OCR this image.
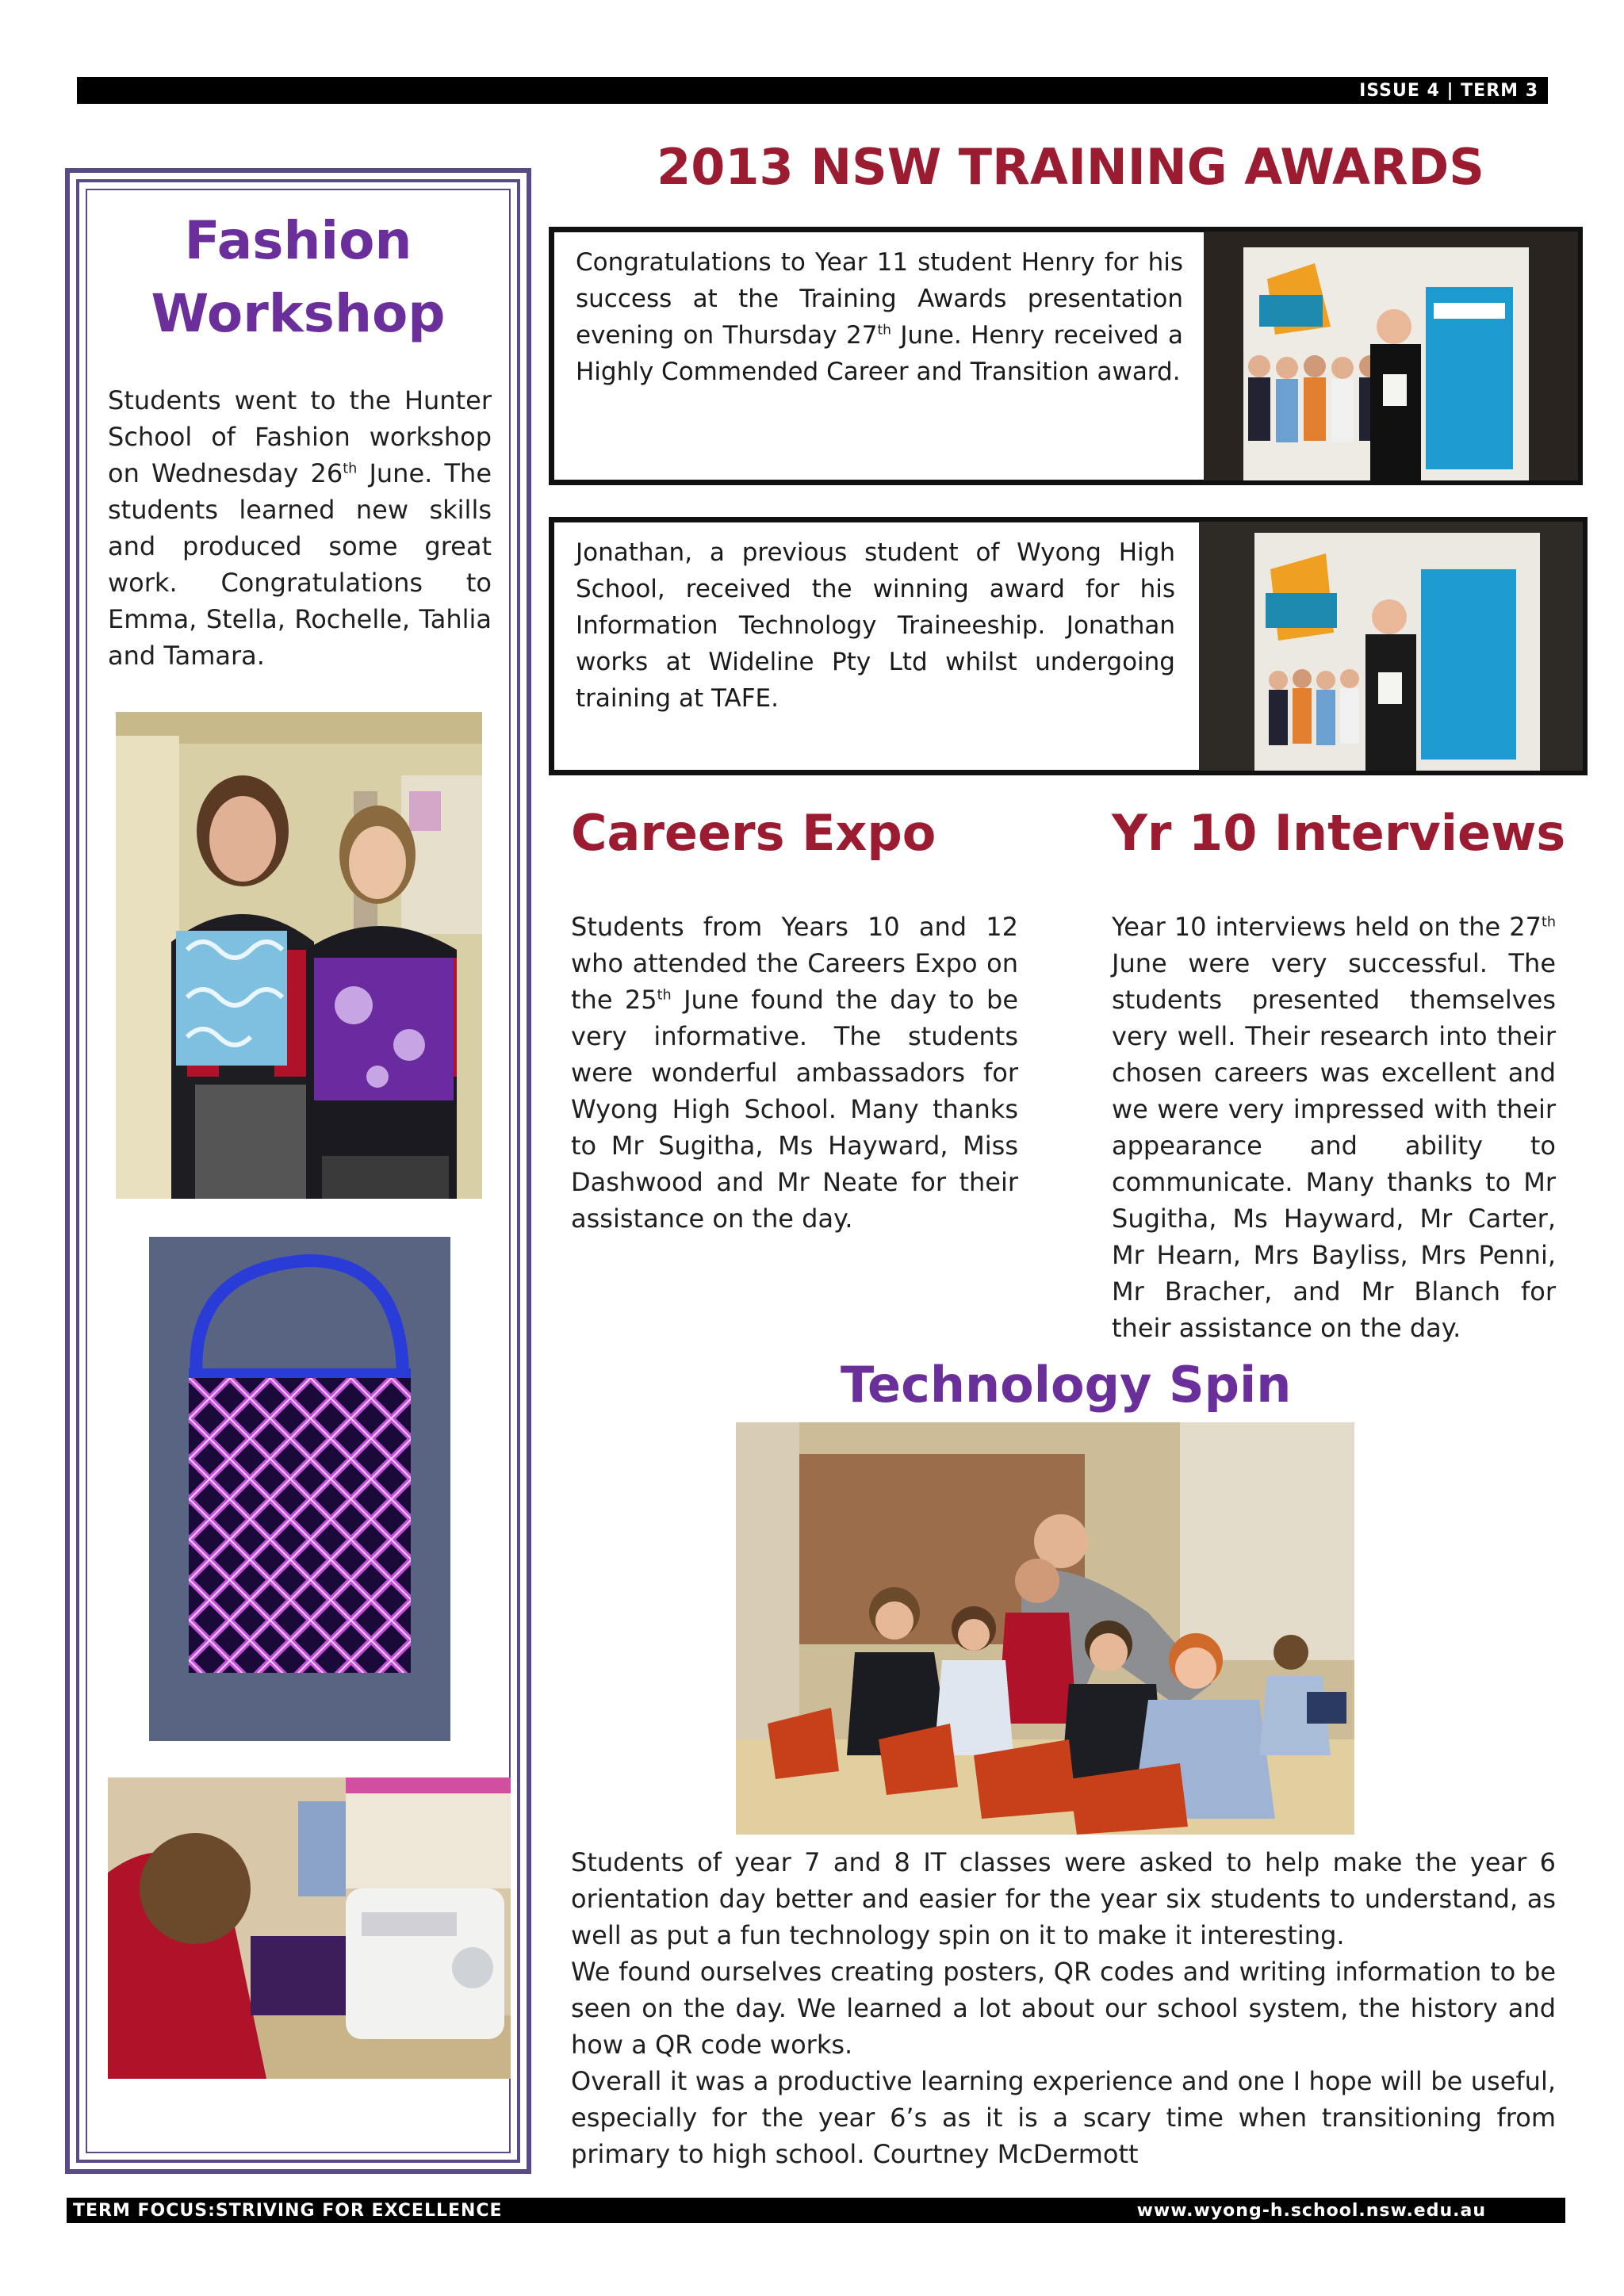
ISSUE 4 | TERM 3
Fashion
Workshop
Students went to the Hunter School of Fashion workshop on Wednesday 26th June. The students learned new skills and produced some great work. Congratulations to Emma, Stella, Rochelle, Tahlia and Tamara.
2013 NSW TRAINING AWARDS
Congratulations to Year 11 student Henry for his success at the Training Awards presentation evening on Thursday 27th June. Henry received a Highly Commended Career and Transition award.
Jonathan, a previous student of Wyong High School, received the winning award for his Information Technology Traineeship. Jonathan works at Wideline Pty Ltd whilst undergoing training at TAFE.
Careers Expo
Students from Years 10 and 12 who attended the Careers Expo on the 25th June found the day to be very informative. The students were wonderful ambassadors for Wyong High School. Many thanks to Mr Sugitha, Ms Hayward, Miss Dashwood and Mr Neate for their assistance on the day.
Yr 10 Interviews
Year 10 interviews held on the 27th June were very successful. The students presented themselves very well. Their research into their chosen careers was excellent and we were very impressed with their appearance and ability to communicate. Many thanks to Mr Sugitha, Ms Hayward, Mr Carter, Mr Hearn, Mrs Bayliss, Mrs Penni, Mr Bracher, and Mr Blanch for their assistance on the day.
Technology Spin

Students of year 7 and 8 IT classes were asked to help make the year 6 orientation day better and easier for the year six students to understand, as well as put a fun technology spin on it to make it interesting.

We found ourselves creating posters, QR codes and writing information to be seen on the day. We learned a lot about our school system, the history and how a QR code works.

Overall it was a productive learning experience and one I hope will be useful, especially for the year 6’s as it is a scary time when transitioning from primary to high school. Courtney McDermott

TERM FOCUS:STRIVING FOR EXCELLENCE	www.wyong-h.school.nsw.edu.au
